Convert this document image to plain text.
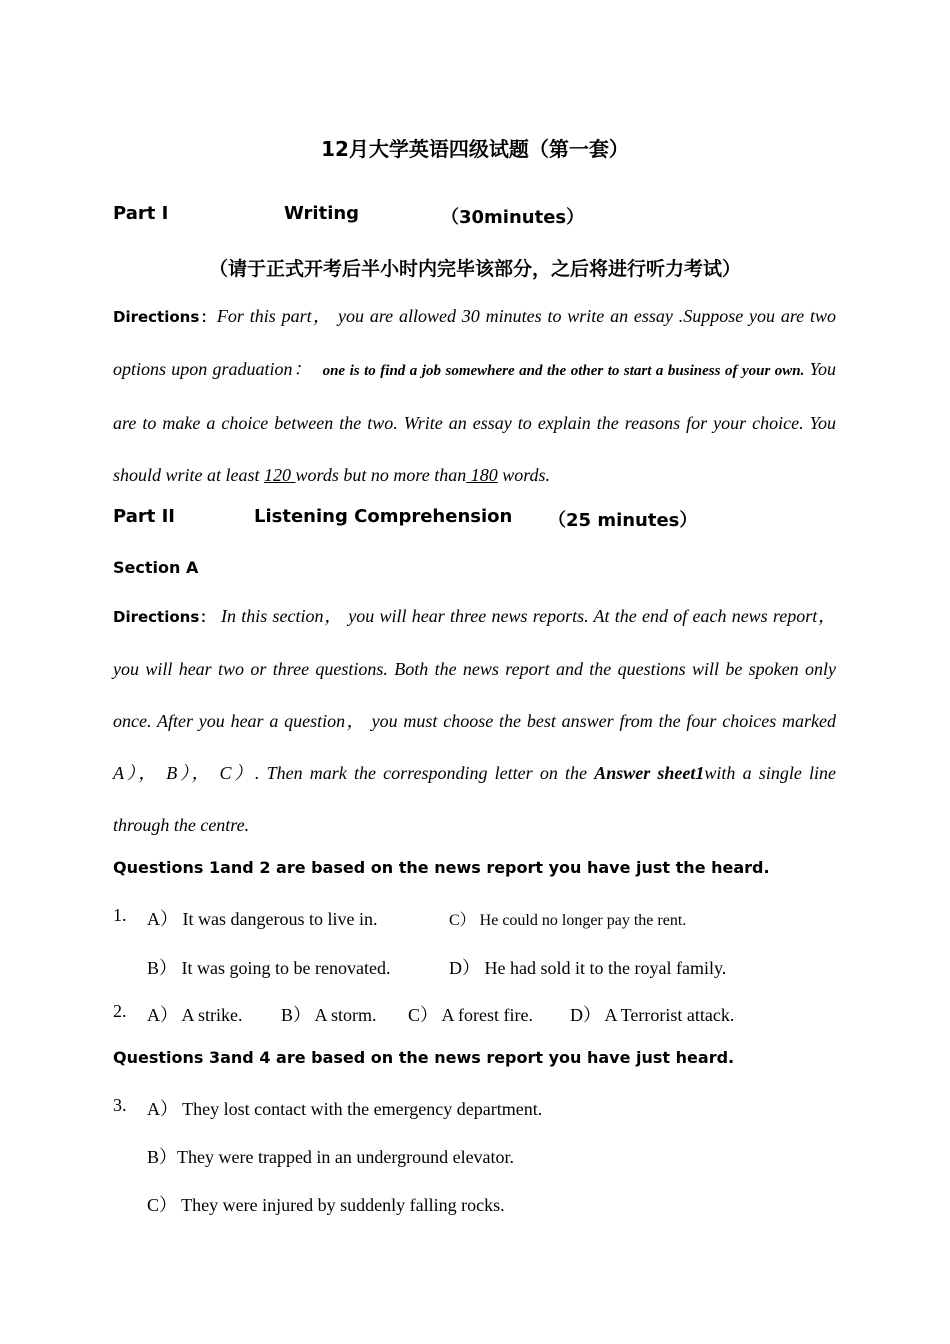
12月大学英语四级试题（第一套）
Part I	Writing	（30minutes）
（请于正式开考后半小时内完毕该部分，之后将进行听力考试）
Directions：For this part， you are allowed 30 minutes to write an essay .Suppose you are two options upon graduation： one is to find a job somewhere and the other to start a business of your own. You are to make a choice between the two. Write an essay to explain the reasons for your choice. You should write at least 120 words but no more than 180 words.
Part II	Listening Comprehension （25 minutes）
Section A
Directions： In this section， you will hear three news reports. At the end of each news report， you will hear two or three questions. Both the news report and the questions will be spoken only once. After you hear a question， you must choose the best answer from the four choices marked A）， B）， C）. Then mark the corresponding letter on the Answer sheet1with a single line through the centre.
Questions 1and 2 are based on the news report you have just the heard.
1. A） It was dangerous to live in.	C） He could no longer pay the rent.
B） It was going to be renovated.	D） He had sold it to the royal family.
2. A） A strike. B） A storm. C） A forest fire. D） A Terrorist attack.
Questions 3and 4 are based on the news report you have just heard.
3. A） They lost contact with the emergency department.
B）They were trapped in an underground elevator.
C） They were injured by suddenly falling rocks.
